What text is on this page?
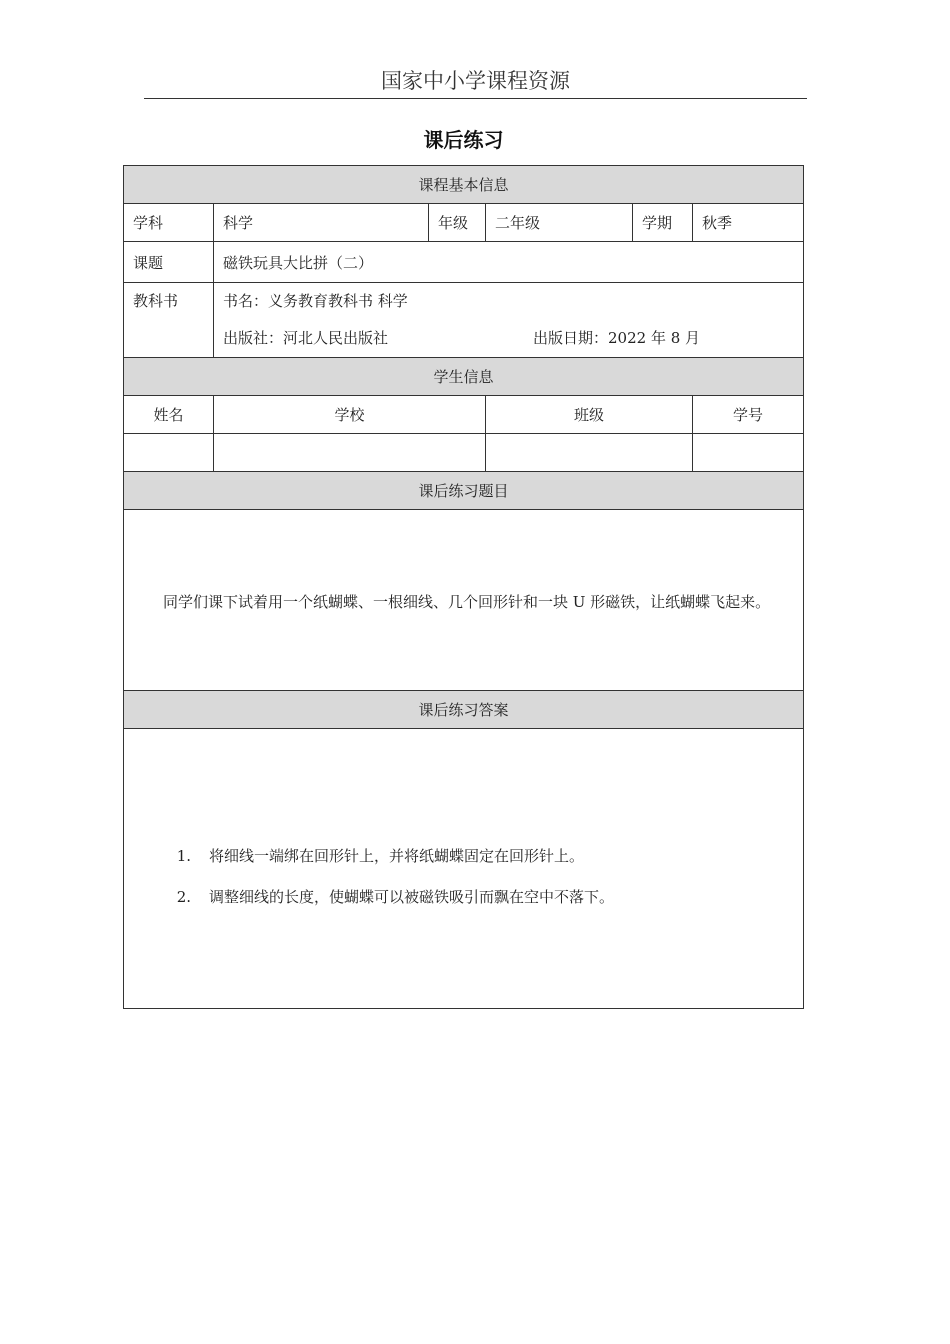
国家中小学课程资源
课后练习
课程基本信息					
学科	科学	年级	二年级	学期	秋季
课题	磁铁玩具大比拼（二）				

教科书	书名：义务教育教科书 科学
出版社：河北人民出版社 出版日期：2022 年 8 月				

学生信息					
姓名	学校		班级		学号

课后练习题目					

同学们课下试着用一个纸蝴蝶、一根细线、几个回形针和一块 U 形磁铁，让纸蝴蝶飞起来。					

课后练习答案					

1. 将细线一端绑在回形针上，并将纸蝴蝶固定在回形针上。
2. 调整细线的长度，使蝴蝶可以被磁铁吸引而飘在空中不落下。					
